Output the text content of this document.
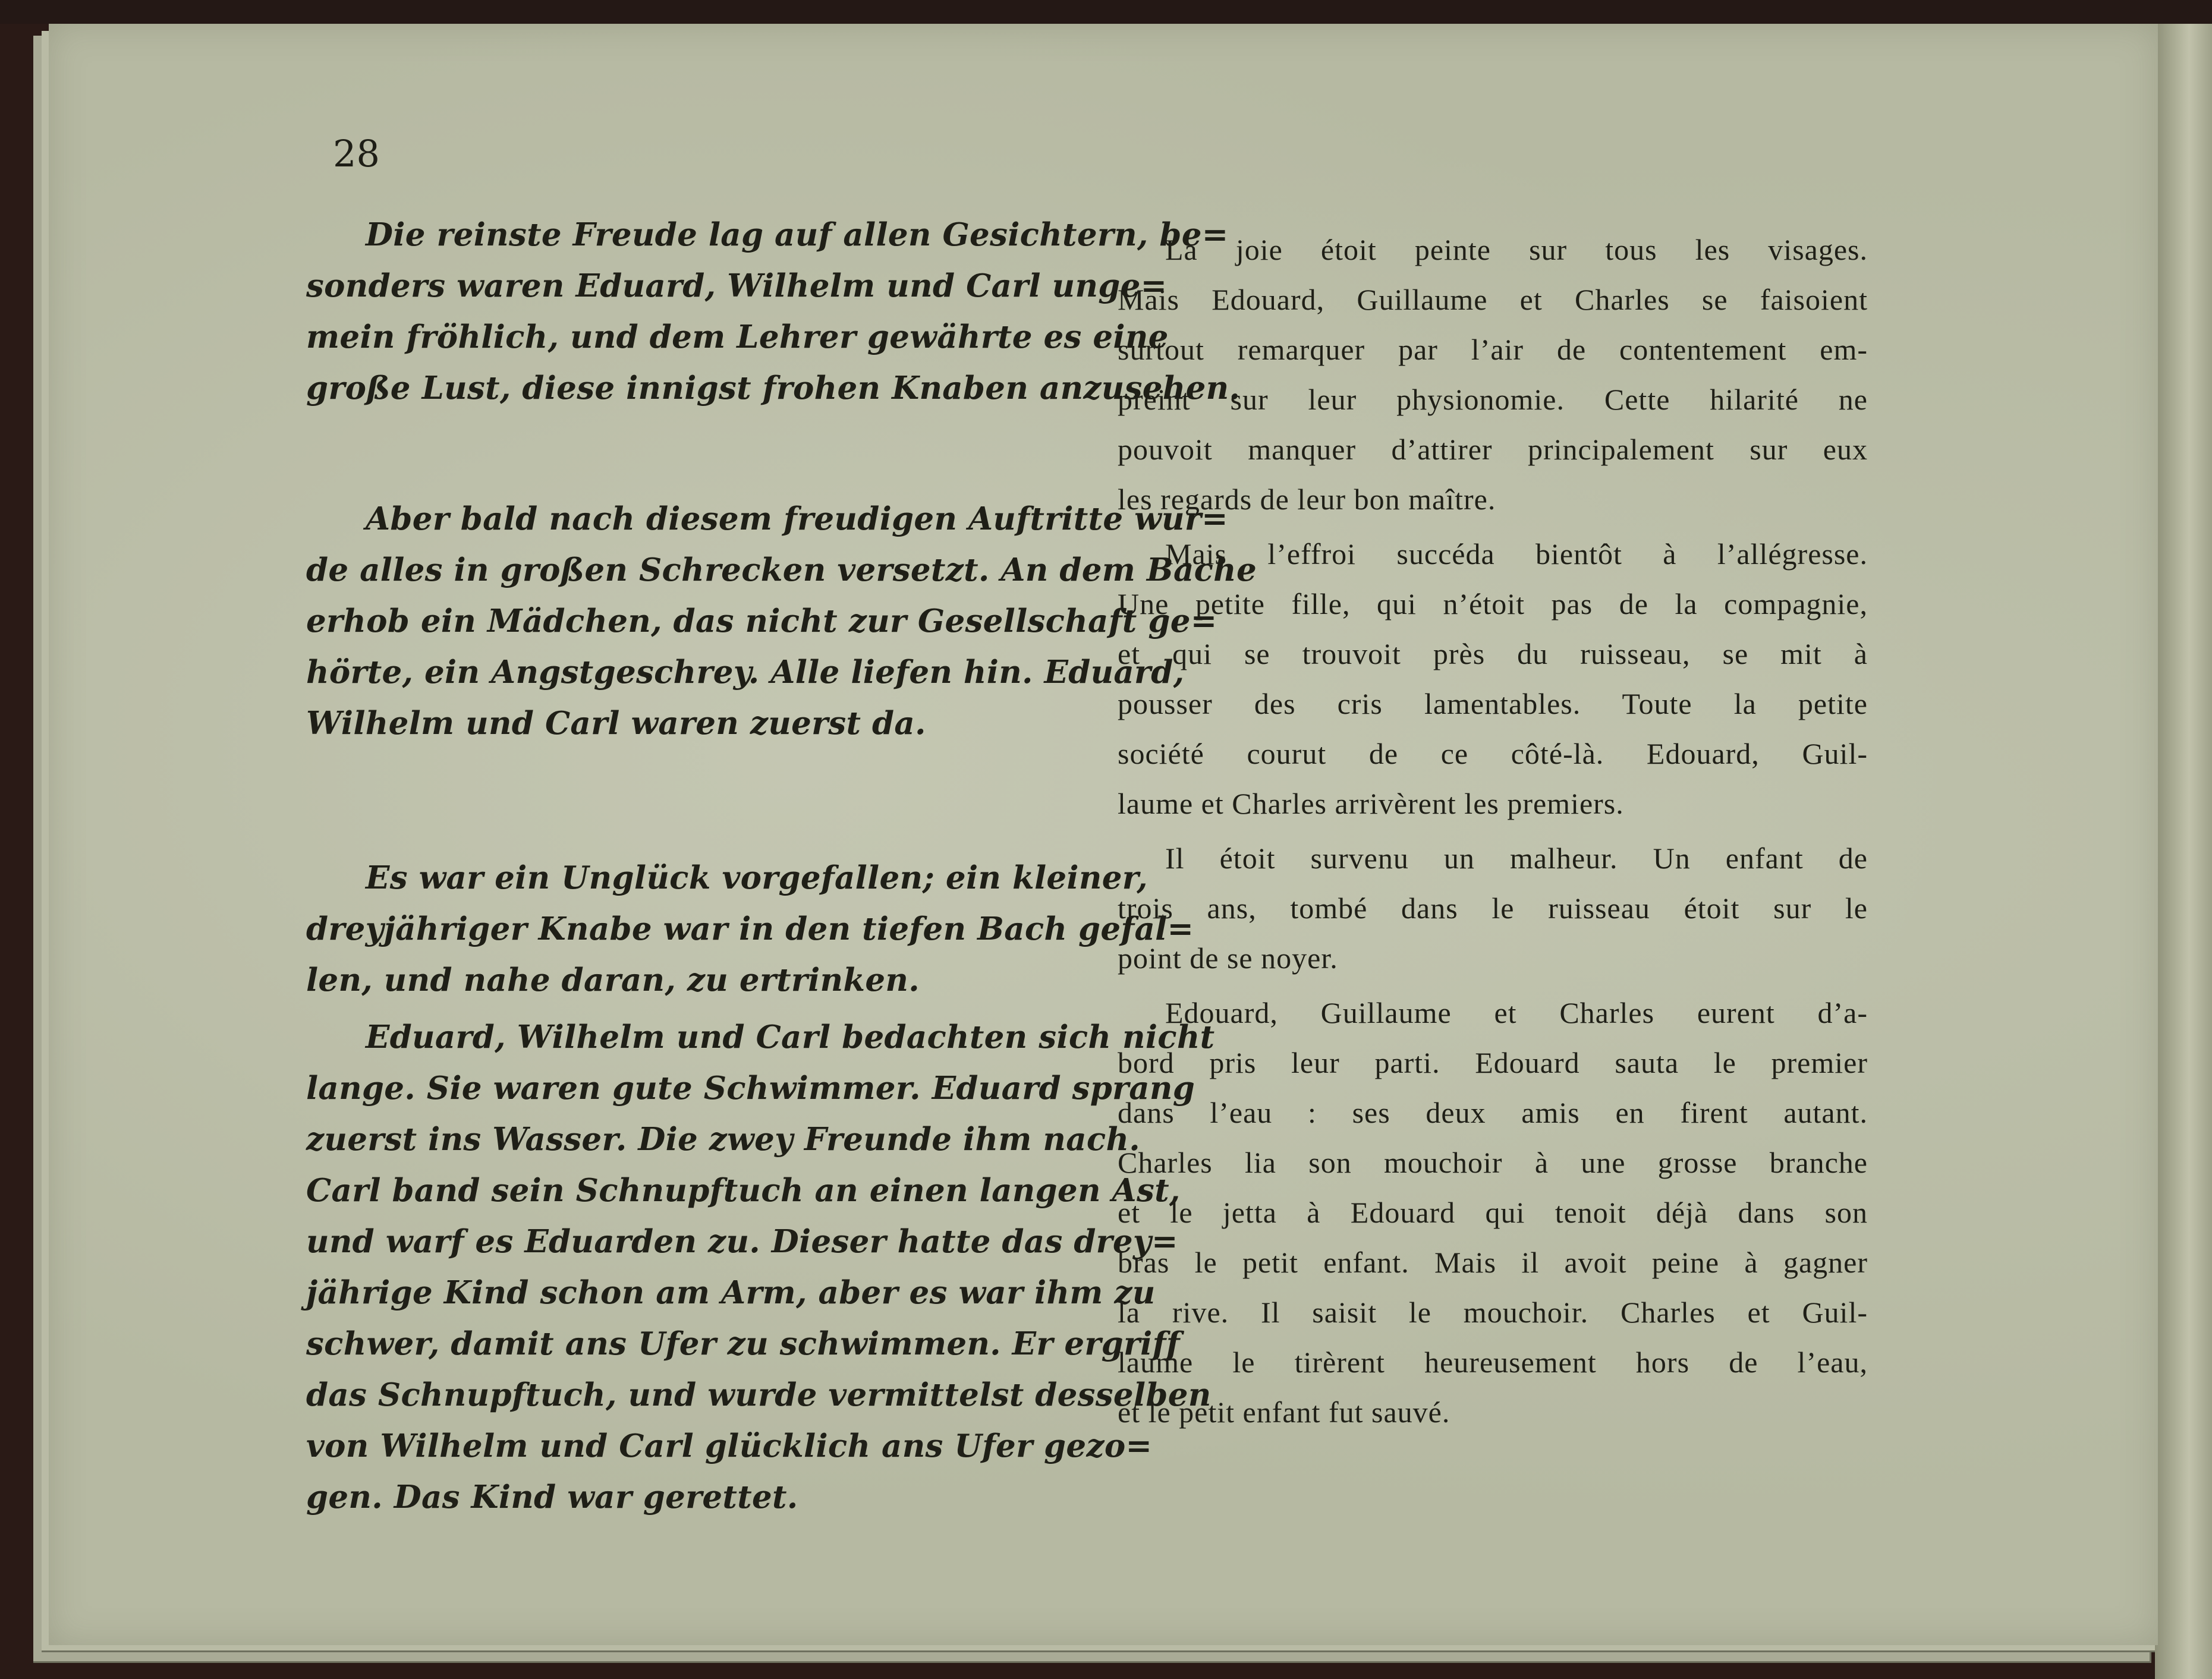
28
Die reinste Freude lag auf allen Gesichtern, be=
sonders waren Eduard, Wilhelm und Carl unge=
mein fröhlich, und dem Lehrer gewährte es eine
große Lust, diese innigst frohen Knaben anzusehen.
Aber bald nach diesem freudigen Auftritte wur=
de alles in großen Schrecken versetzt. An dem Bache
erhob ein Mädchen, das nicht zur Gesellschaft ge=
hörte, ein Angstgeschrey. Alle liefen hin. Eduard,
Wilhelm und Carl waren zuerst da.
Es war ein Unglück vorgefallen; ein kleiner,
dreyjähriger Knabe war in den tiefen Bach gefal=
len, und nahe daran, zu ertrinken.
Eduard, Wilhelm und Carl bedachten sich nicht
lange. Sie waren gute Schwimmer. Eduard sprang
zuerst ins Wasser. Die zwey Freunde ihm nach.
Carl band sein Schnupftuch an einen langen Ast,
und warf es Eduarden zu. Dieser hatte das drey=
jährige Kind schon am Arm, aber es war ihm zu
schwer, damit ans Ufer zu schwimmen. Er ergriff
das Schnupftuch, und wurde vermittelst desselben
von Wilhelm und Carl glücklich ans Ufer gezo=
gen. Das Kind war gerettet.
La joie étoit peinte sur tous les visages.
Mais Edouard, Guillaume et Charles se faisoient
surtout remarquer par l’air de contentement em-
preint sur leur physionomie. Cette hilarité ne
pouvoit manquer d’attirer principalement sur eux
les regards de leur bon maître.
Mais l’effroi succéda bientôt à l’allégresse.
Une petite fille, qui n’étoit pas de la compagnie,
et qui se trouvoit près du ruisseau, se mit à
pousser des cris lamentables. Toute la petite
société courut de ce côté-là. Edouard, Guil-
laume et Charles arrivèrent les premiers.
Il étoit survenu un malheur. Un enfant de
trois ans, tombé dans le ruisseau étoit sur le
point de se noyer.
Edouard, Guillaume et Charles eurent d’a-
bord pris leur parti. Edouard sauta le premier
dans l’eau : ses deux amis en firent autant.
Charles lia son mouchoir à une grosse branche
et le jetta à Edouard qui tenoit déjà dans son
bras le petit enfant. Mais il avoit peine à gagner
la rive. Il saisit le mouchoir. Charles et Guil-
laume le tirèrent heureusement hors de l’eau,
et le petit enfant fut sauvé.
